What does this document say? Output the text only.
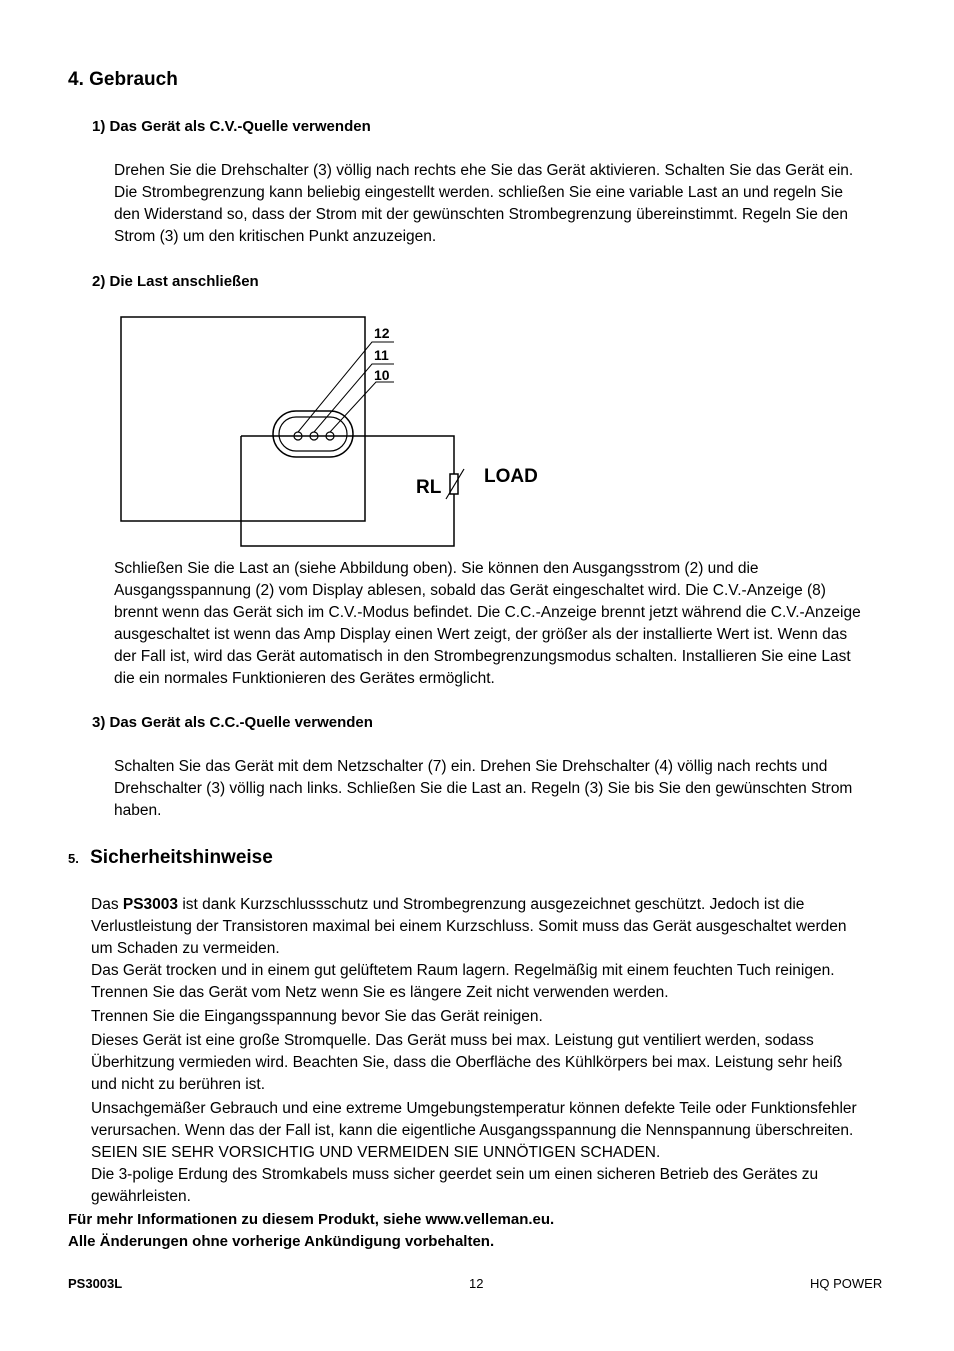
4. Gebrauch
1) Das Gerät als C.V.-Quelle verwenden

Drehen Sie die Drehschalter (3) völlig nach rechts ehe Sie das Gerät aktivieren. Schalten Sie das Gerät ein.

Die Strombegrenzung kann beliebig eingestellt werden. schließen Sie eine variable Last an und regeln Sie

den Widerstand so, dass der Strom mit der gewünschten Strombegrenzung übereinstimmt. Regeln Sie den

Strom (3) um den kritischen Punkt anzuzeigen.

2) Die Last anschließen
12
11
10
RL
LOAD

Schließen Sie die Last an (siehe Abbildung oben). Sie können den Ausgangsstrom (2) und die

Ausgangsspannung (2) vom Display ablesen, sobald das Gerät eingeschaltet wird. Die C.V.-Anzeige (8)

brennt wenn das Gerät sich im C.V.-Modus befindet. Die C.C.-Anzeige brennt jetzt während die C.V.-Anzeige

ausgeschaltet ist wenn das Amp Display einen Wert zeigt, der größer als der installierte Wert ist. Wenn das

der Fall ist, wird das Gerät automatisch in den Strombegrenzungsmodus schalten. Installieren Sie eine Last

die ein normales Funktionieren des Gerätes ermöglicht.

3) Das Gerät als C.C.-Quelle verwenden

Schalten Sie das Gerät mit dem Netzschalter (7) ein. Drehen Sie Drehschalter (4) völlig nach rechts und

Drehschalter (3) völlig nach links. Schließen Sie die Last an. Regeln (3) Sie bis Sie den gewünschten Strom

haben.

5. Sicherheitshinweise

Das PS3003 ist dank Kurzschlussschutz und Strombegrenzung ausgezeichnet geschützt. Jedoch ist die

Verlustleistung der Transistoren maximal bei einem Kurzschluss. Somit muss das Gerät ausgeschaltet werden

um Schaden zu vermeiden.

Das Gerät trocken und in einem gut gelüftetem Raum lagern. Regelmäßig mit einem feuchten Tuch reinigen.

Trennen Sie das Gerät vom Netz wenn Sie es längere Zeit nicht verwenden werden.

Trennen Sie die Eingangsspannung bevor Sie das Gerät reinigen.

Dieses Gerät ist eine große Stromquelle. Das Gerät muss bei max. Leistung gut ventiliert werden, sodass

Überhitzung vermieden wird. Beachten Sie, dass die Oberfläche des Kühlkörpers bei max. Leistung sehr heiß

und nicht zu berühren ist.

Unsachgemäßer Gebrauch und eine extreme Umgebungstemperatur können defekte Teile oder Funktionsfehler

verursachen. Wenn das der Fall ist, kann die eigentliche Ausgangsspannung die Nennspannung überschreiten.

SEIEN SIE SEHR VORSICHTIG UND VERMEIDEN SIE UNNÖTIGEN SCHADEN.

Die 3-polige Erdung des Stromkabels muss sicher geerdet sein um einen sicheren Betrieb des Gerätes zu

gewährleisten.

Für mehr Informationen zu diesem Produkt, siehe www.velleman.eu.

Alle Änderungen ohne vorherige Ankündigung vorbehalten.

PS3003L	12	HQ POWER
